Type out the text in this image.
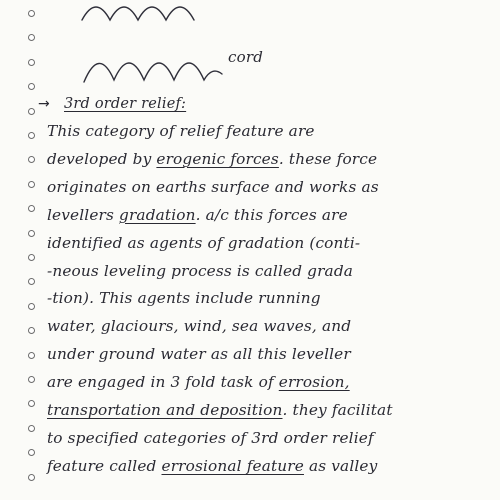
cord
→ 3rd order relief:
This category of relief feature are
developed by erogenic forces. these force
originates on earths surface and works as
levellers gradation. a/c this forces are
identified as agents of gradation (conti-
-neous leveling process is called grada
-tion). This agents include running
water, glaciours, wind, sea waves, and
under ground water as all this leveller
are engaged in 3 fold task of errosion,
transportation and deposition. they facilitat
to specified categories of 3rd order relief
feature called errosional feature as valley
